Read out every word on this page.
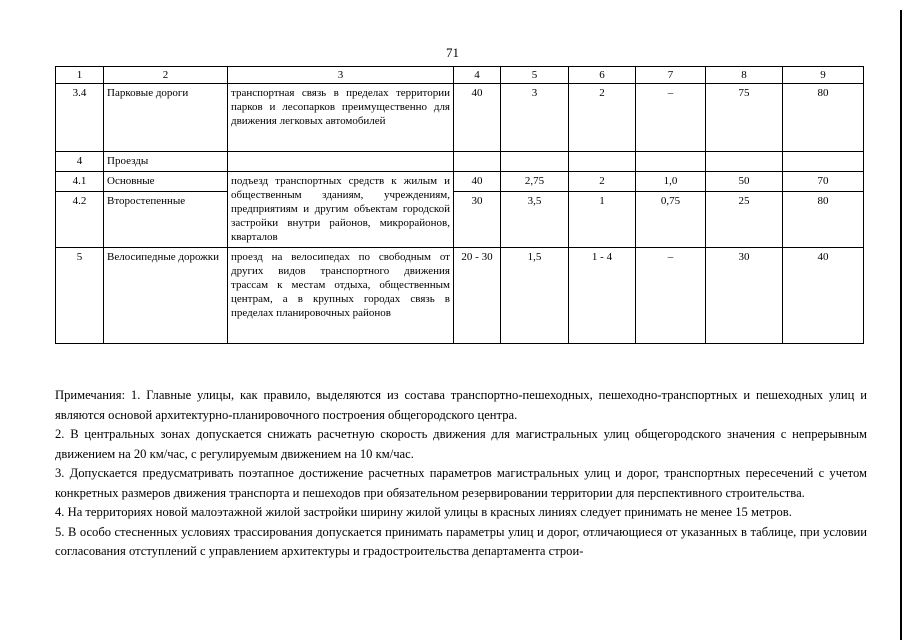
71
1	2	3	4	5	6	7	8	9
3.4	Парковые дороги	транспортная связь в пределах территории парков и лесопарков преимущественно для движения легковых автомобилей	40	3	2	–	75	80
4	Проезды							
4.1	Основные	подъезд транспортных средств к жилым и общественным зданиям, учреждениям, предприятиям и другим объектам городской застройки внутри районов, микрорайонов, кварталов	40	2,75	2	1,0	50	70
4.2	Второстепенные		30	3,5	1	0,75	25	80
5	Велосипедные дорожки	проезд на велосипедах по свободным от других видов транспортного движения трассам к местам отдыха, общественным центрам, а в крупных городах связь в пределах планировочных районов	20 - 30	1,5	1 - 4	–	30	40

Примечания: 1. Главные улицы, как правило, выделяются из состава транспортно-пешеходных, пешеходно-транспортных и пешеходных улиц и являются основой архитектурно-планировочного построения общегородского центра.

2. В центральных зонах допускается снижать расчетную скорость движения для магистральных улиц общегородского значения с непрерывным движением на 20 км/час, с регулируемым движением на 10 км/час.

3. Допускается предусматривать поэтапное достижение расчетных параметров магистральных улиц и дорог, транспортных пересечений с учетом конкретных размеров движения транспорта и пешеходов при обязательном резервировании территории для перспективного строительства.

4. На территориях новой малоэтажной жилой застройки ширину жилой улицы в красных линиях следует принимать не менее 15 метров.

5. В особо стесненных условиях трассирования допускается принимать параметры улиц и дорог, отличающиеся от указанных в таблице, при условии согласования отступлений с управлением архитектуры и градостроительства департамента строи-
